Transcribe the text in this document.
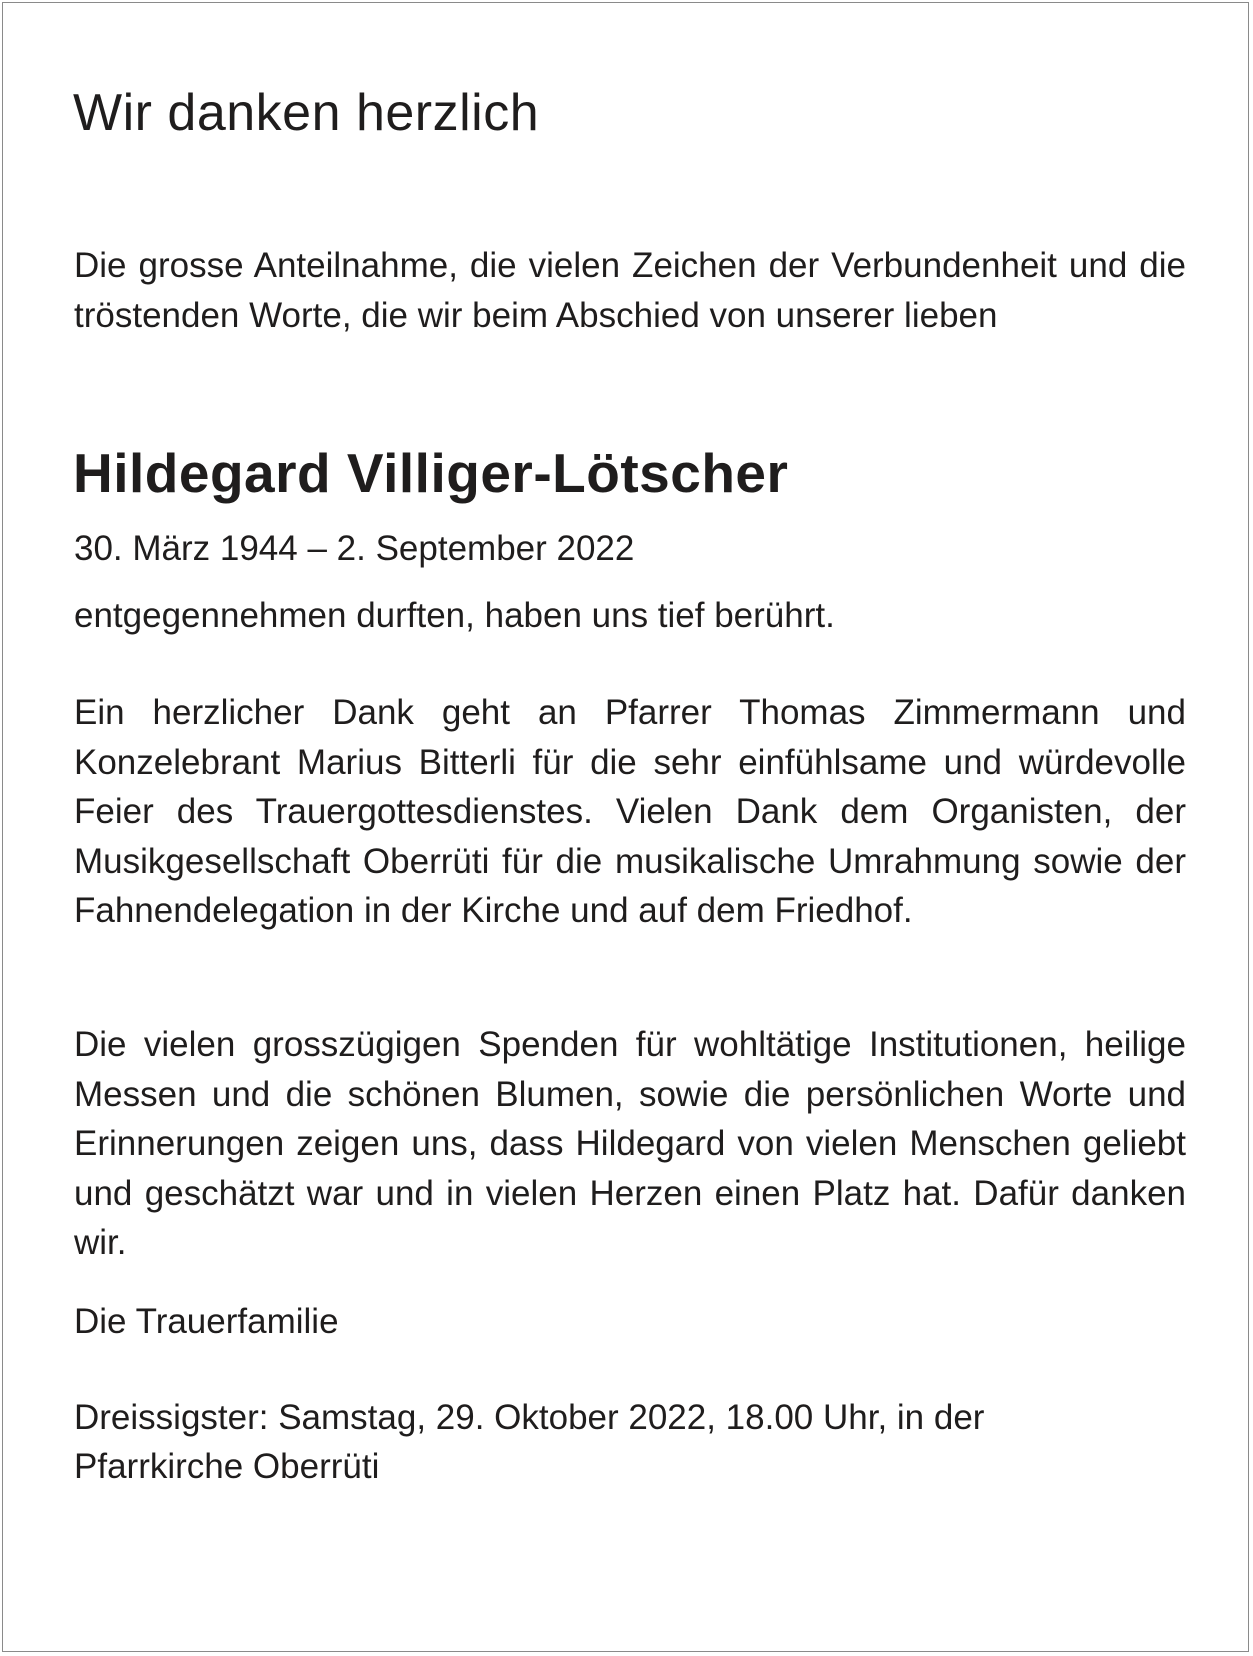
Wir danken herzlich
Die grosse Anteilnahme, die vielen Zeichen der Verbundenheit und die tröstenden Worte, die wir beim Abschied von unserer lieben
Hildegard Villiger-Lötscher
30. März 1944 – 2. September 2022
entgegennehmen durften, haben uns tief berührt.
Ein herzlicher Dank geht an Pfarrer Thomas Zimmermann und Konzelebrant Marius Bitterli für die sehr einfühlsame und würdevolle Feier des Trauergottesdienstes. Vielen Dank dem Organisten, der Musikgesellschaft Oberrüti für die musikalische Umrahmung sowie der Fahnendelegation in der Kirche und auf dem Friedhof.
Die vielen grosszügigen Spenden für wohltätige Institutionen, heilige Messen und die schönen Blumen, sowie die persönlichen Worte und Erinnerungen zeigen uns, dass Hildegard von vielen Menschen geliebt und geschätzt war und in vielen Herzen einen Platz hat. Dafür danken wir.
Die Trauerfamilie
Dreissigster: Samstag, 29. Oktober 2022, 18.00 Uhr, in der
Pfarrkirche Oberrüti
